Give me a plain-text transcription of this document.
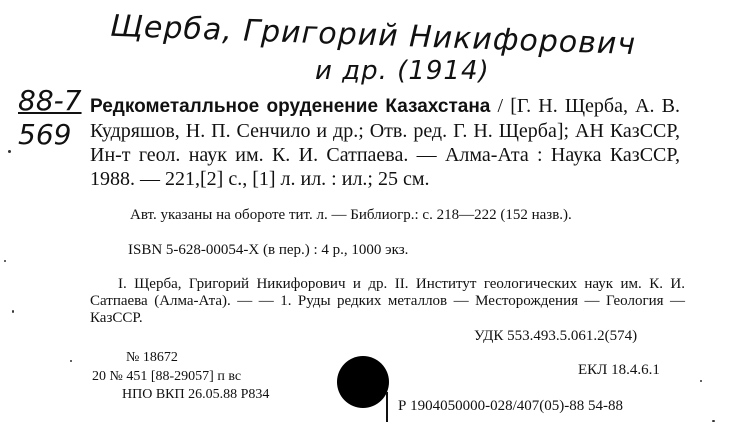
Щерба, Григорий Никифорович
и др. (1914)
88-7
569
Редкометалльное оруденение Казахстана / [Г. Н. Щерба, А. В. Кудряшов, Н. П. Сенчило и др.; Отв. ред. Г. Н. Щерба]; АН КазССР, Ин-т геол. наук им. К. И. Сатпаева. — Алма-Ата : Наука КазССР, 1988. — 221,[2] с., [1] л. ил. : ил.; 25 см.
Авт. указаны на обороте тит. л. — Библиогр.: с. 218—222 (152 назв.).
ISBN 5-628-00054-X (в пер.) : 4 р., 1000 экз.
I. Щерба, Григорий Никифорович и др. II. Институт геологических наук им. К. И. Сатпаева (Алма-Ата). — — 1. Руды редких металлов — Месторождения — Геология — КазССР.
УДК 553.493.5.061.2(574)
№ 18672
20 № 451 [88-29057] п вс
НПО ВКП 26.05.88 Р834
ЕКЛ 18.4.6.1
Р 1904050000-028/407(05)-88 54-88
